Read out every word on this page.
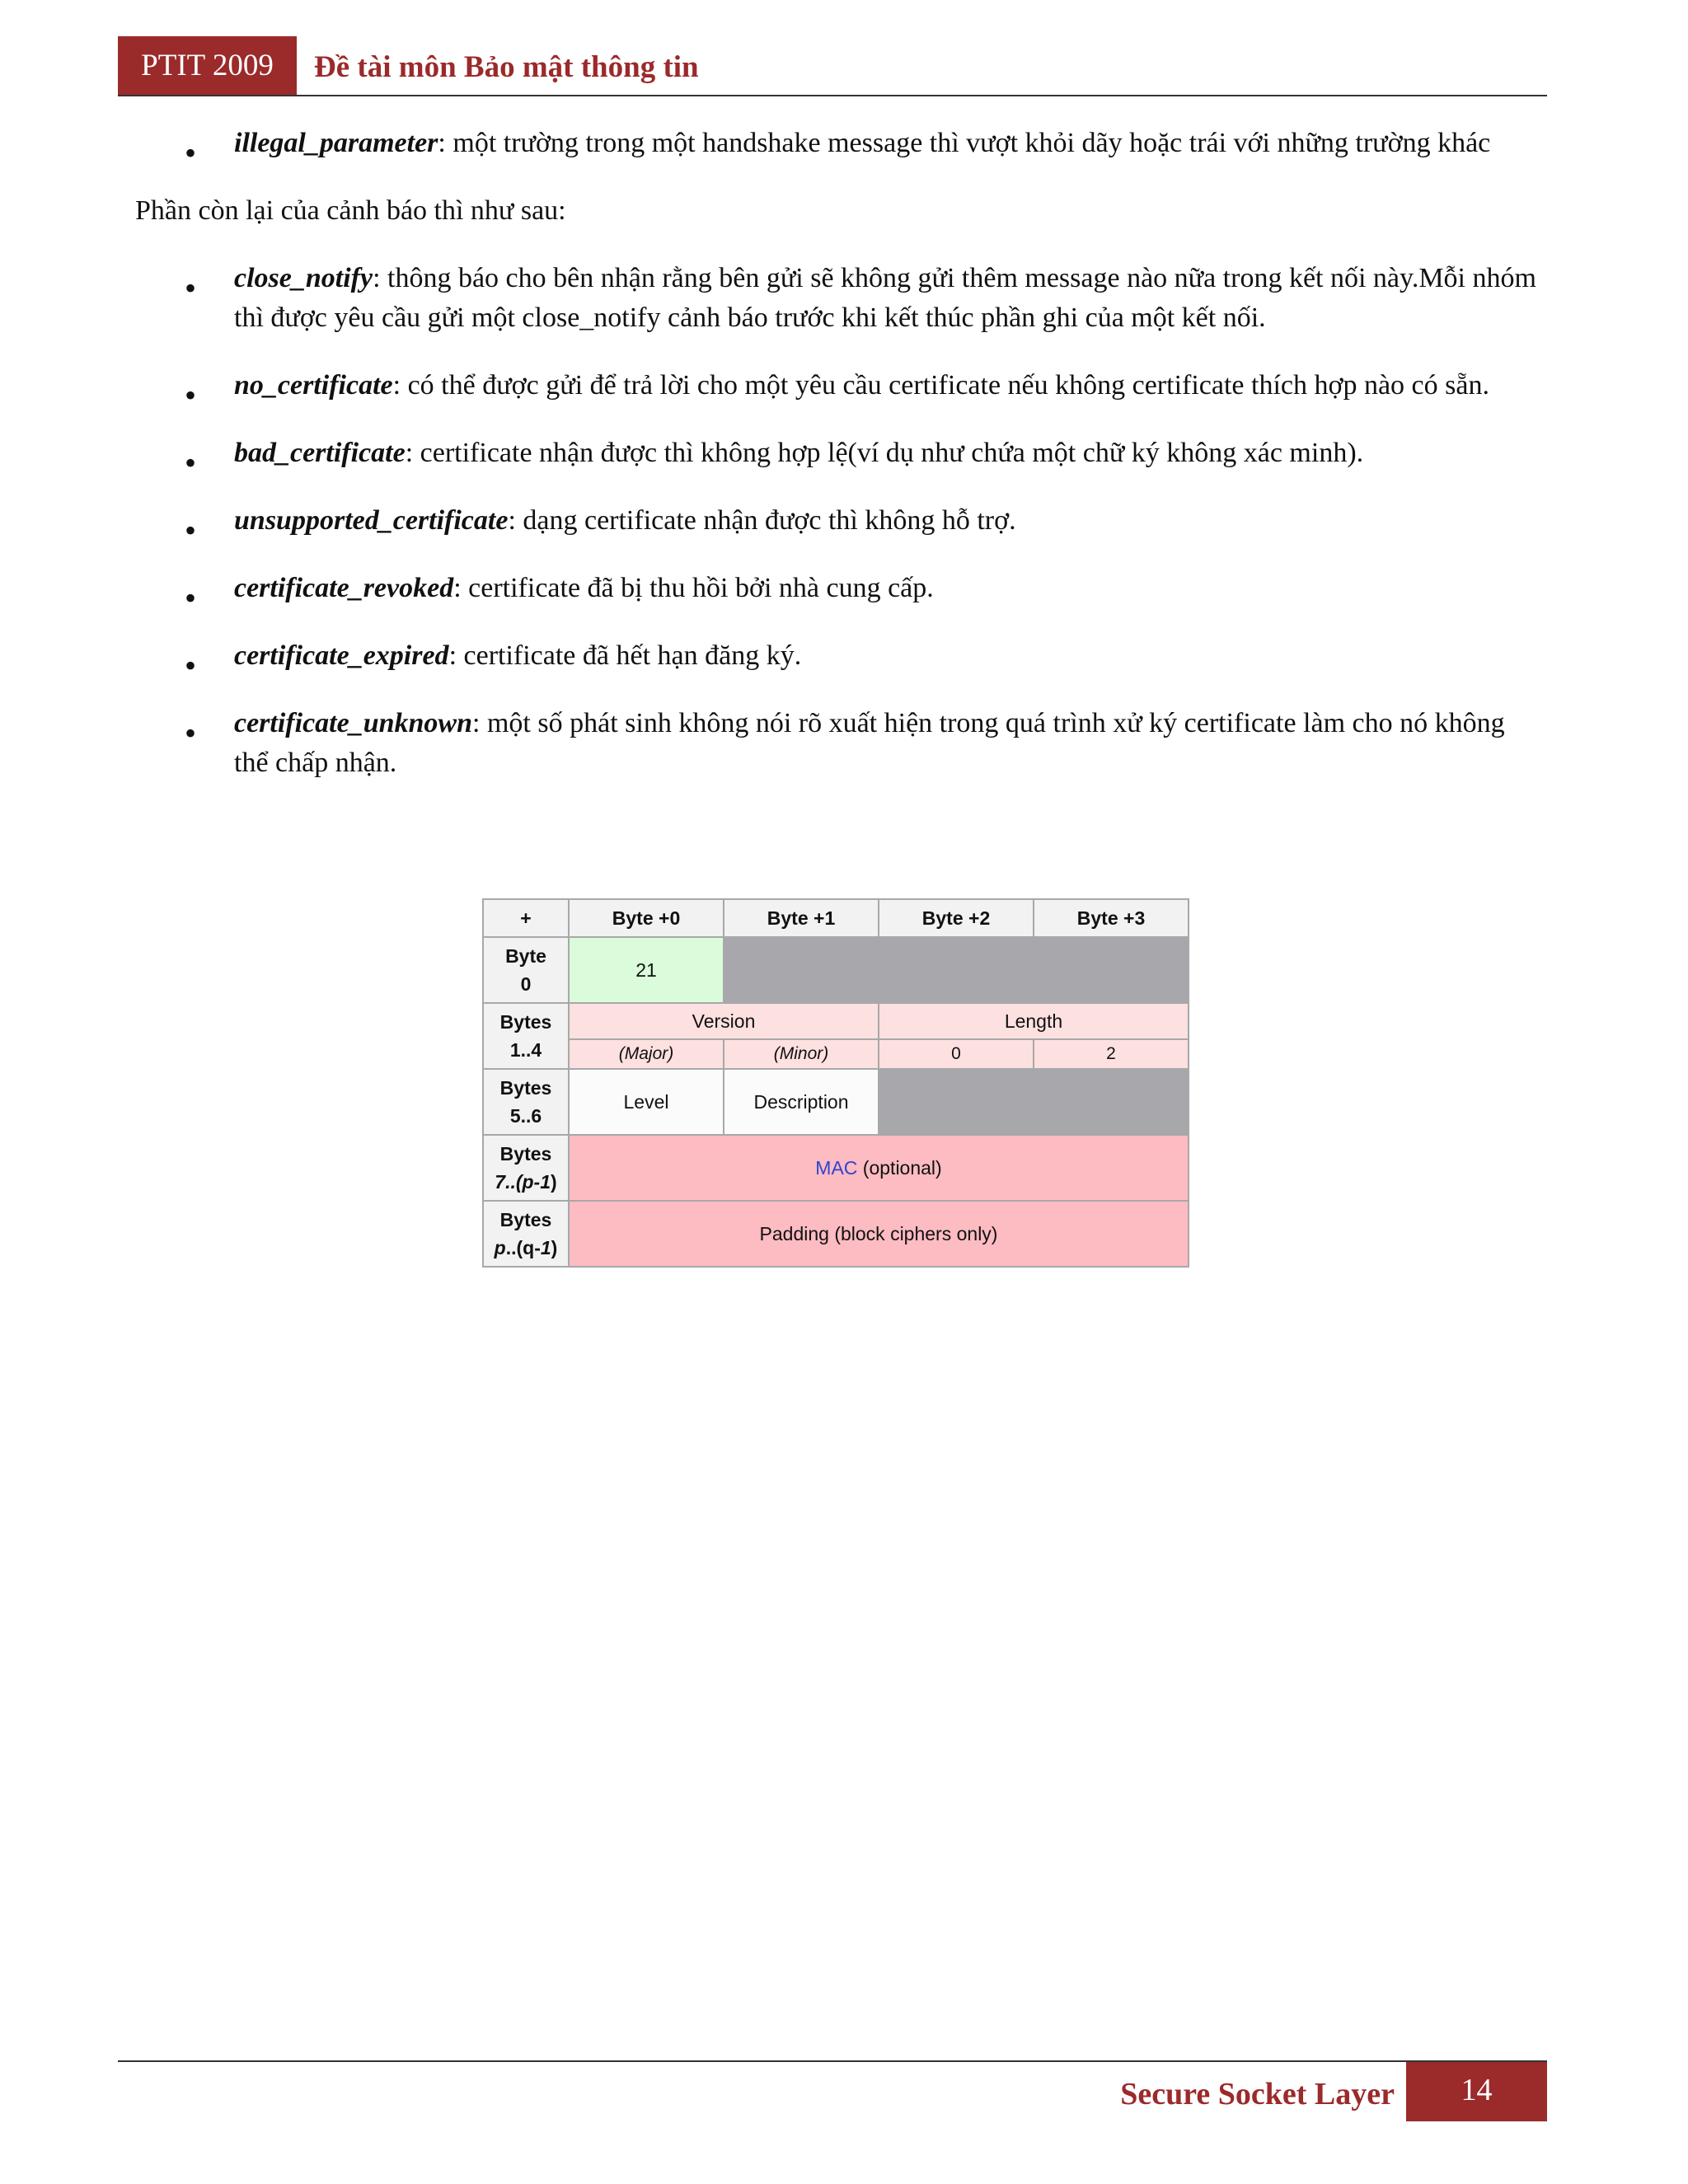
PTIT 2009	Đề tài môn Bảo mật thông tin
• illegal_parameter: một trường trong một handshake message thì vượt khỏi dãy hoặc trái với những trường khác

Phần còn lại của cảnh báo thì như sau:

• close_notify: thông báo cho bên nhận rằng bên gửi sẽ không gửi thêm message nào nữa trong kết nối này.Mỗi nhóm thì được yêu cầu gửi một close_notify cảnh báo trước khi kết thúc phần ghi của một kết nối.
• no_certificate: có thể được gửi để trả lời cho một yêu cầu certificate nếu không certificate thích hợp nào có sẵn.
• bad_certificate: certificate nhận được thì không hợp lệ(ví dụ như chứa một chữ ký không xác minh).
• unsupported_certificate: dạng certificate nhận được thì không hỗ trợ.
• certificate_revoked: certificate đã bị thu hồi bởi nhà cung cấp.
• certificate_expired: certificate đã hết hạn đăng ký.
• certificate_unknown: một số phát sinh không nói rõ xuất hiện trong quá trình xử ký certificate làm cho nó không thể chấp nhận.
+	Byte +0	Byte +1	Byte +2	Byte +3
Byte
0	21			
Bytes
1..4	Version		Length	
	(Major)	(Minor)	0	2
Bytes
5..6	Level	Description		
Bytes
7..(p-1)	MAC (optional)			
Bytes
p..(q-1)	Padding (block ciphers only)			
Secure Socket Layer	14
